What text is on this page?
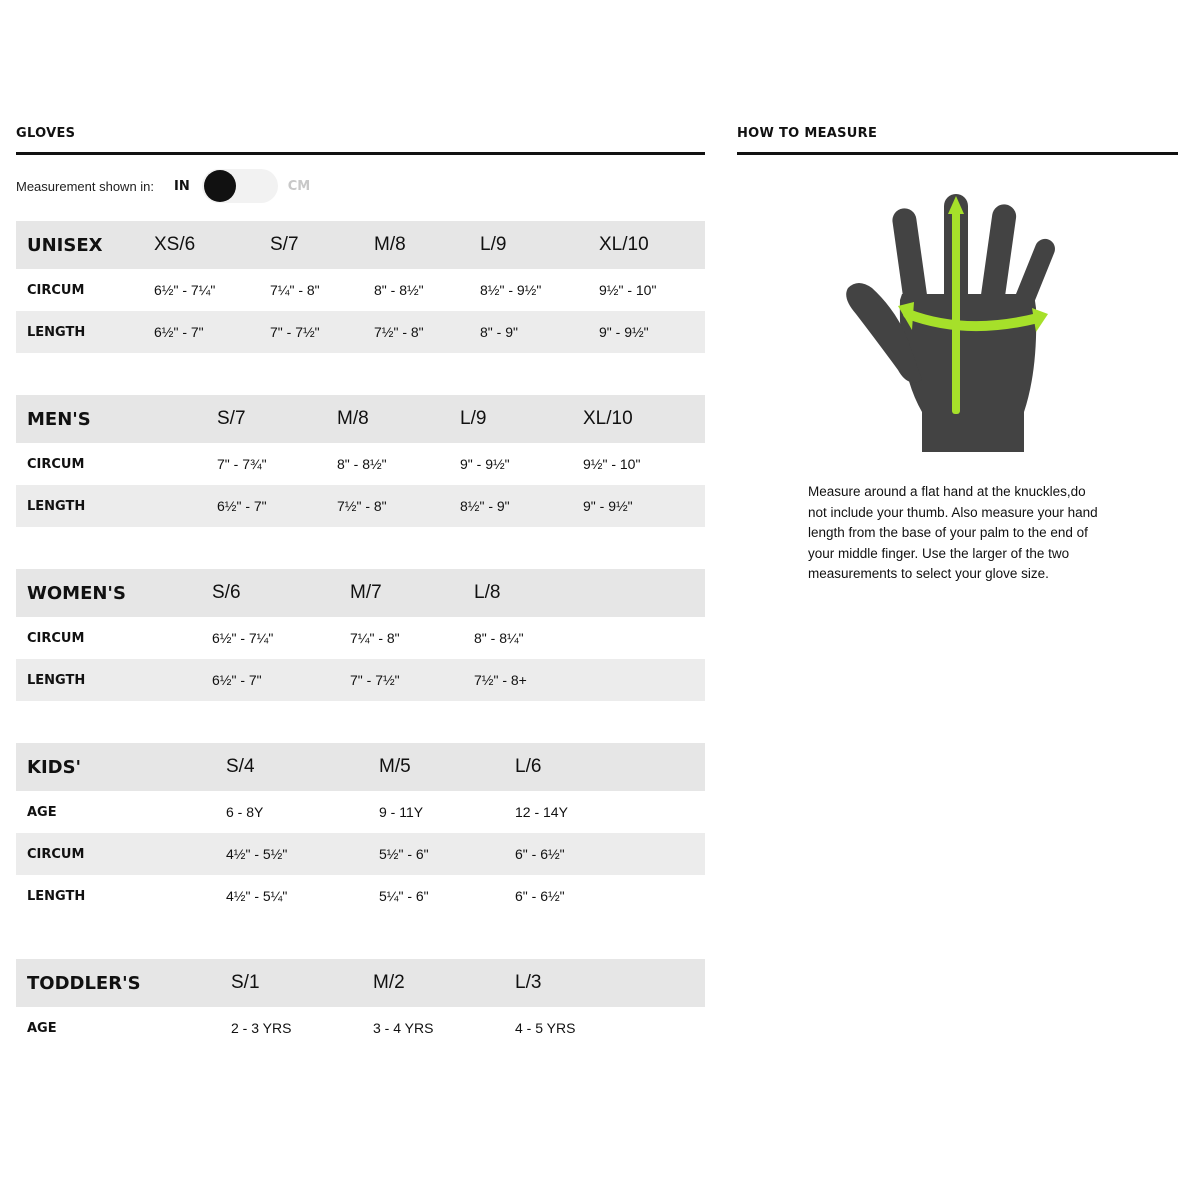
GLOVES	HOW TO MEASURE
Measurement shown in: IN	CM
UNISEX	XS/6	S/7	M/8	L/9	XL/10
CIRCUM	6½" - 7¼"	7¼" - 8"	8" - 8½"	8½" - 9½"	9½" - 10"
LENGTH	6½" - 7"	7" - 7½"	7½" - 8"	8" - 9"	9" - 9½"
MEN'S	S/7	M/8	L/9	XL/10
CIRCUM	7" - 7¾"	8" - 8½"	9" - 9½"	9½" - 10"
LENGTH	6½" - 7"	7½" - 8"	8½" - 9"	9" - 9½"
WOMEN'S	S/6	M/7	L/8
CIRCUM	6½" - 7¼"	7¼" - 8"	8" - 8¼"
LENGTH	6½" - 7"	7" - 7½"	7½" - 8+
KIDS'	S/4	M/5	L/6
AGE	6 - 8Y	9 - 11Y	12 - 14Y
CIRCUM	4½" - 5½"	5½" - 6"	6" - 6½"
LENGTH	4½" - 5¼"	5¼" - 6"	6" - 6½"
TODDLER'S	S/1	M/2	L/3
AGE	2 - 3 YRS	3 - 4 YRS	4 - 5 YRS
Measure around a flat hand at the knuckles,do not include your thumb. Also measure your hand length from the base of your palm to the end of your middle finger. Use the larger of the two measurements to select your glove size.
